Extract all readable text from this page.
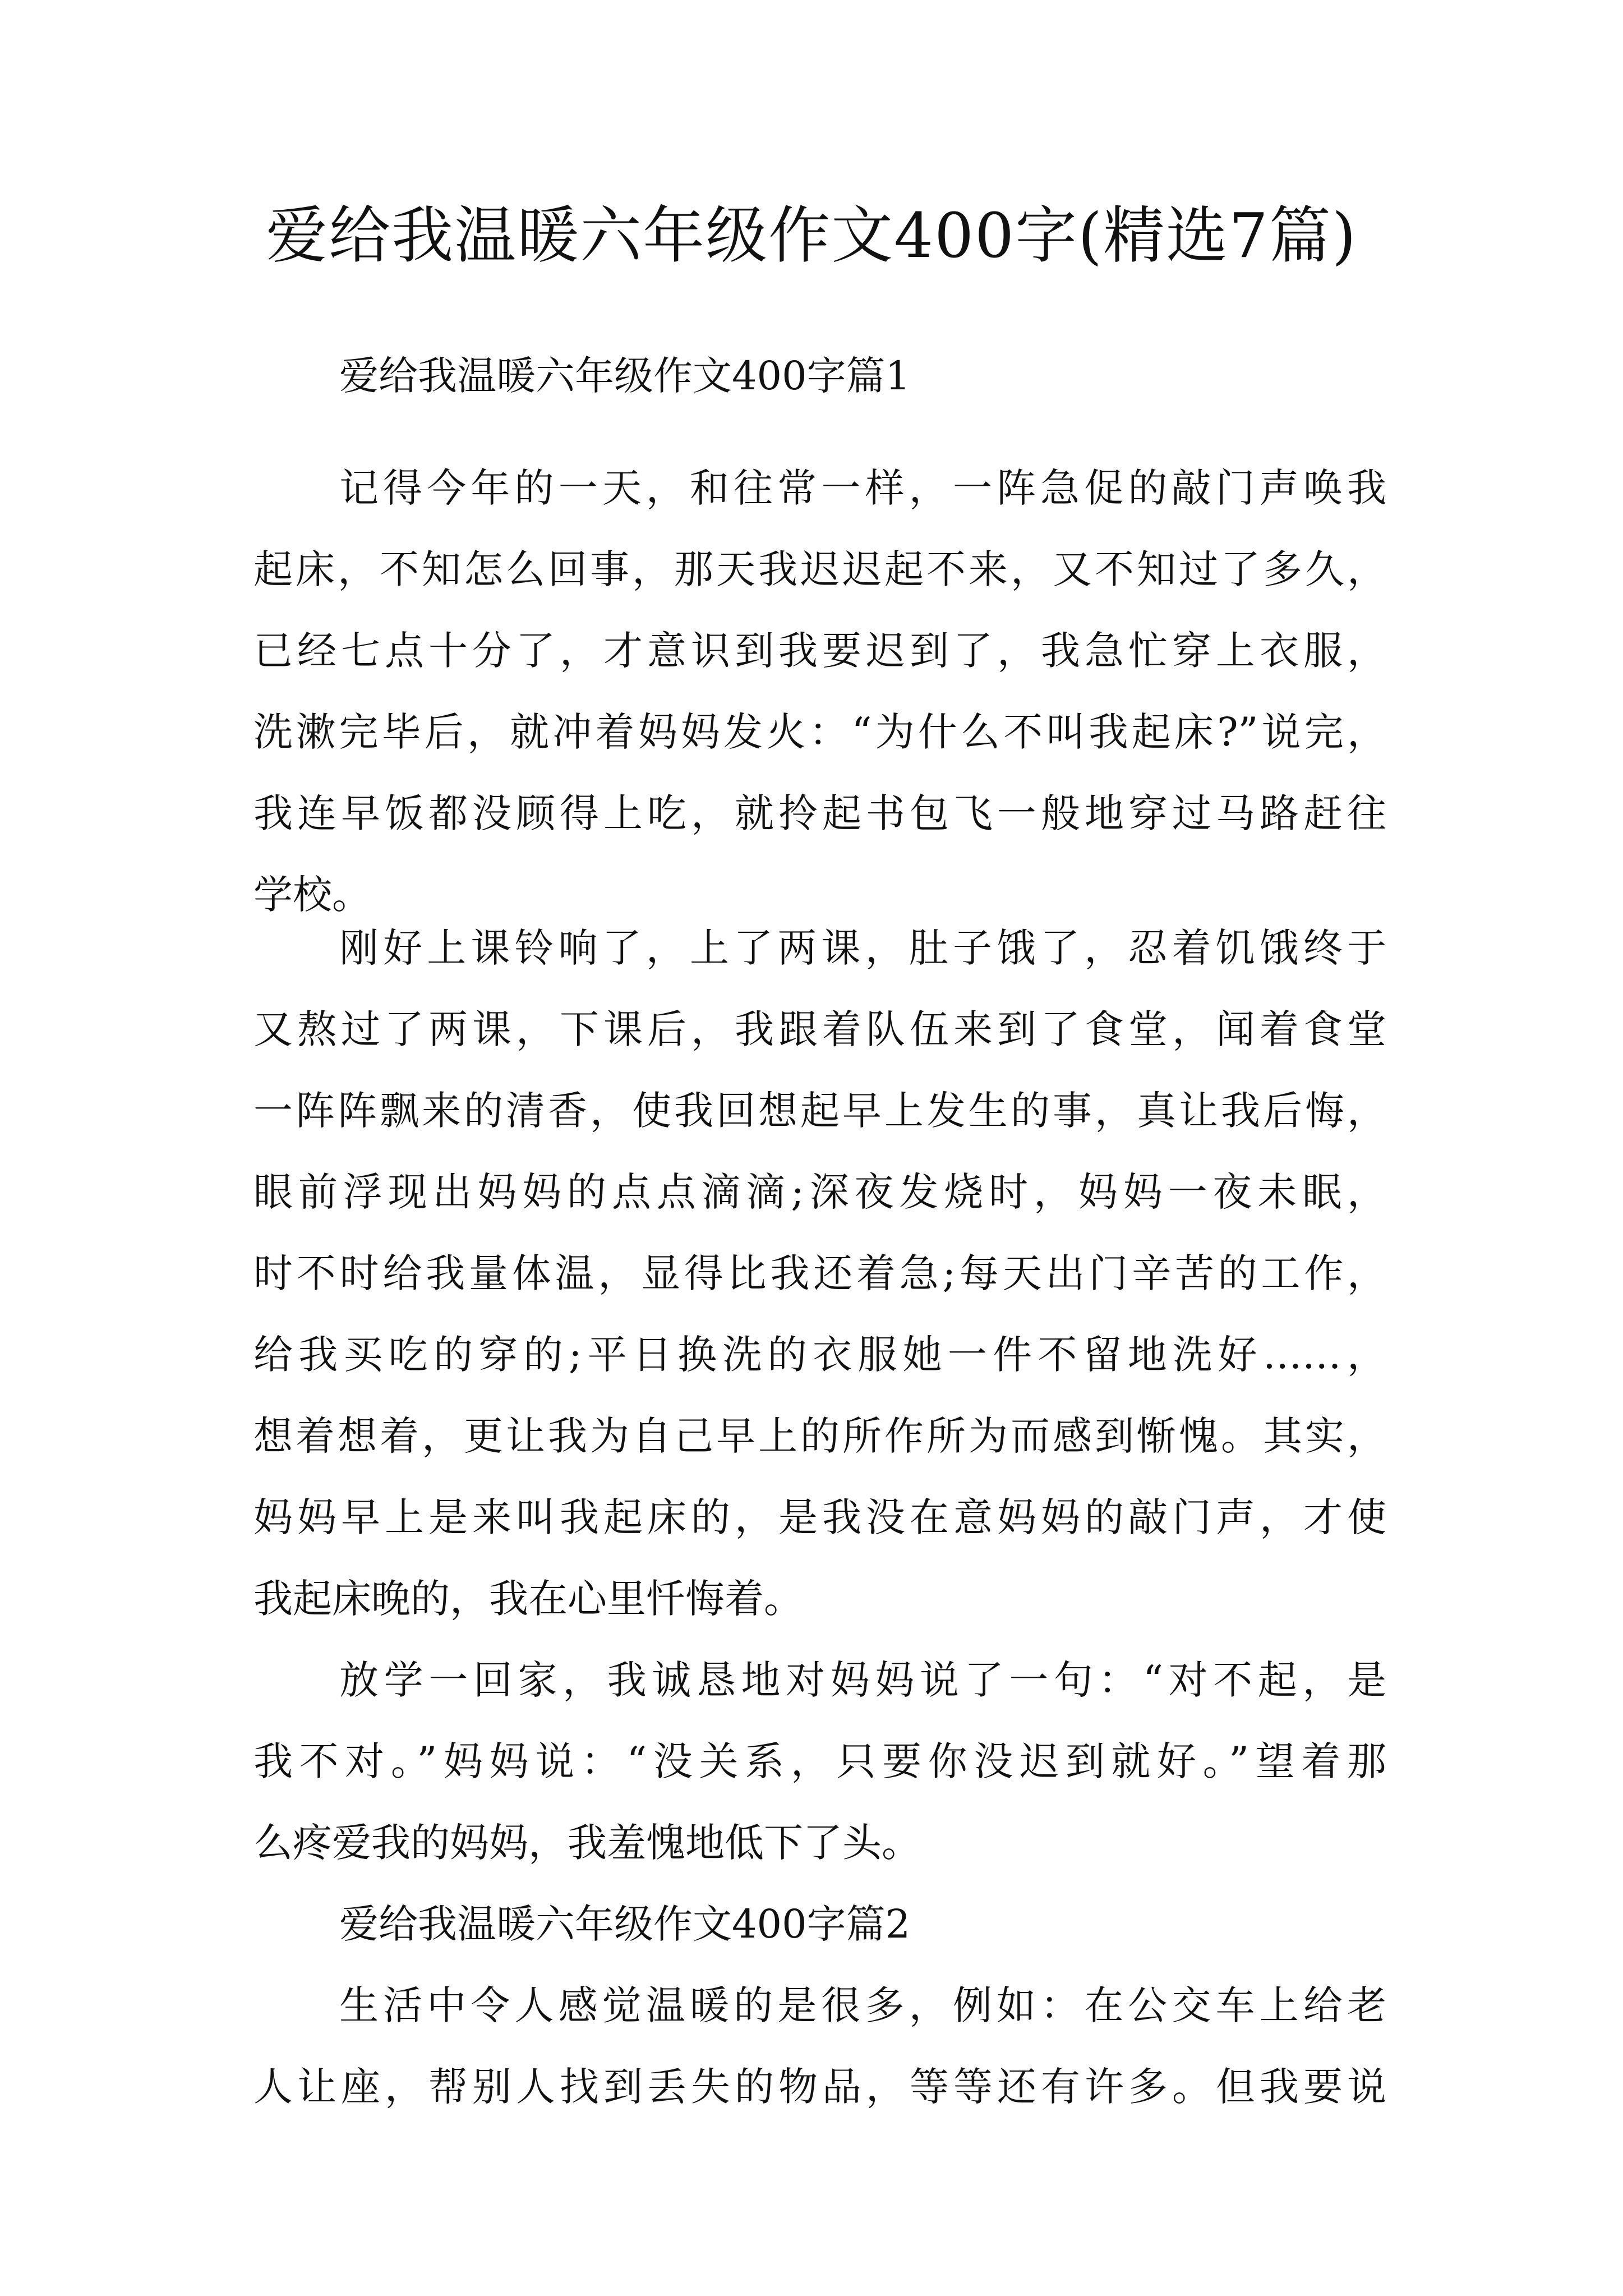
爱给我温暖六年级作文400字(精选7篇)

爱给我温暖六年级作文400字篇1

记得今年的一天，和往常一样，一阵急促的敲门声唤我

起床，不知怎么回事，那天我迟迟起不来，又不知过了多久，

已经七点十分了，才意识到我要迟到了，我急忙穿上衣服，

洗漱完毕后，就冲着妈妈发火：“为什么不叫我起床?”说完，

我连早饭都没顾得上吃，就拎起书包飞一般地穿过马路赶往

学校。

刚好上课铃响了，上了两课，肚子饿了，忍着饥饿终于

又熬过了两课，下课后，我跟着队伍来到了食堂，闻着食堂

一阵阵飘来的清香，使我回想起早上发生的事，真让我后悔，

眼前浮现出妈妈的点点滴滴;深夜发烧时，妈妈一夜未眠，

时不时给我量体温，显得比我还着急;每天出门辛苦的工作，

给我买吃的穿的;平日换洗的衣服她一件不留地洗好……，

想着想着，更让我为自己早上的所作所为而感到惭愧。其实，

妈妈早上是来叫我起床的，是我没在意妈妈的敲门声，才使

我起床晚的，我在心里忏悔着。

放学一回家，我诚恳地对妈妈说了一句：“对不起，是

我不对。”妈妈说：“没关系，只要你没迟到就好。”望着那

么疼爱我的妈妈，我羞愧地低下了头。

爱给我温暖六年级作文400字篇2

生活中令人感觉温暖的是很多，例如：在公交车上给老

人让座，帮别人找到丢失的物品，等等还有许多。但我要说
